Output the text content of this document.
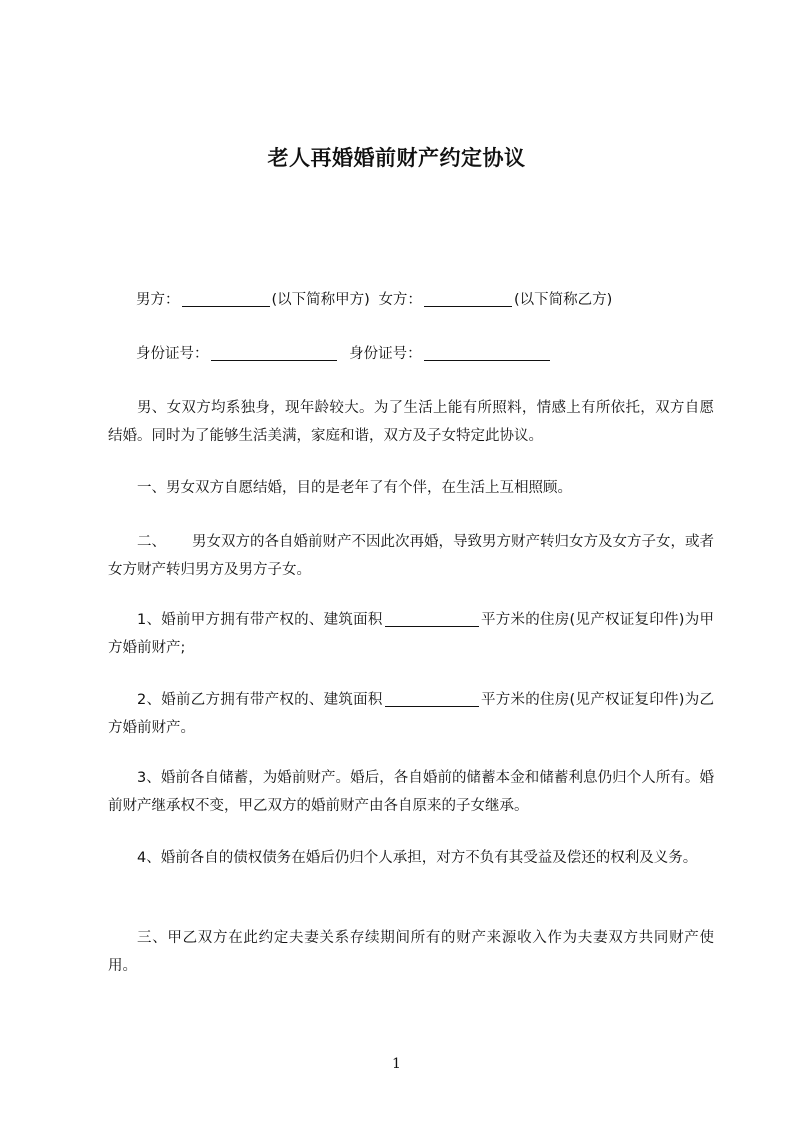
老人再婚婚前财产约定协议
男方：	(以下简称甲方) 女方：	(以下简称乙方)
身份证号：	身份证号：
男、女双方均系独身，现年龄较大。为了生活上能有所照料，情感上有所依托，双方自愿结婚。同时为了能够生活美满，家庭和谐，双方及子女特定此协议。
一、男女双方自愿结婚，目的是老年了有个伴，在生活上互相照顾。
二、 男女双方的各自婚前财产不因此次再婚，导致男方财产转归女方及女方子女，或者女方财产转归男方及男方子女。
1、婚前甲方拥有带产权的、建筑面积	平方米的住房(见产权证复印件)为甲方婚前财产;
2、婚前乙方拥有带产权的、建筑面积	平方米的住房(见产权证复印件)为乙方婚前财产。
3、婚前各自储蓄，为婚前财产。婚后，各自婚前的储蓄本金和储蓄利息仍归个人所有。婚前财产继承权不变，甲乙双方的婚前财产由各自原来的子女继承。
4、婚前各自的债权债务在婚后仍归个人承担，对方不负有其受益及偿还的权利及义务。
三、甲乙双方在此约定夫妻关系存续期间所有的财产来源收入作为夫妻双方共同财产使用。
1
